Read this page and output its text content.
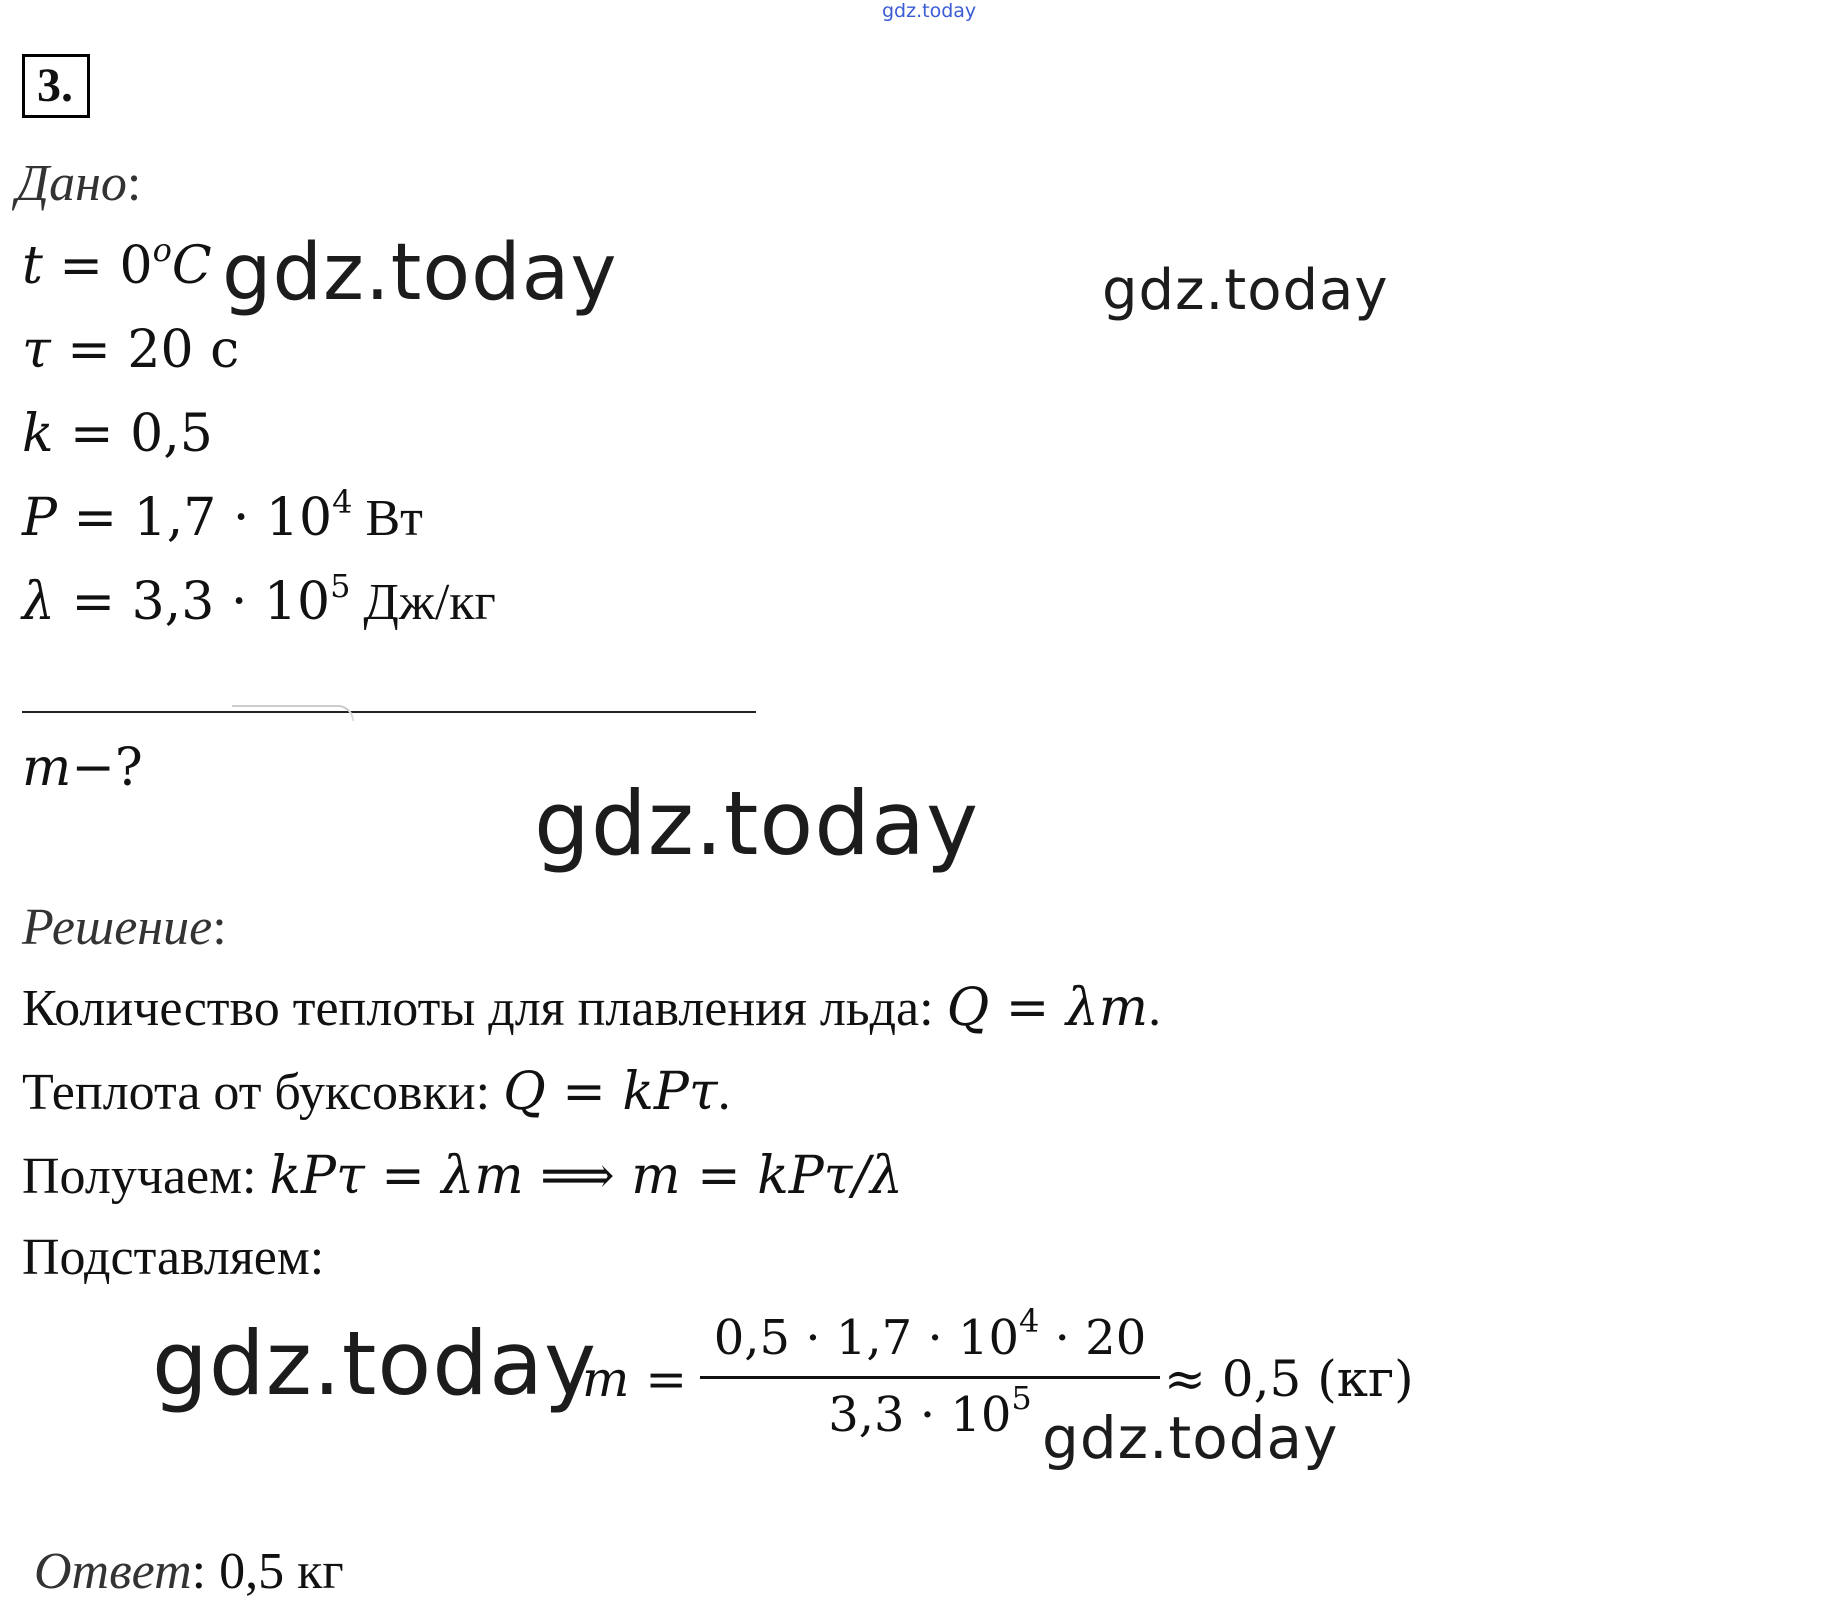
gdz.today
3.
Дано:
$t = 0^oC$ gdz.today	gdz.today
τ = 20 с
k = 0,5
$P = 1,7 \cdot 10^4$ Вт
$\lambda = 3,3 \cdot 10^5$ Дж/кг
m−?
gdz.today
Решение:
Количество теплоты для плавления льда: Q = λm.
Теплота от буксовки: Q = kPτ.
Получаем: kPτ = λm ⟹ m = kPτ/λ
Подставляем:
gdz.today
m =
$0,5 \cdot 1,7 \cdot 10^4 \cdot 20$
$3,3 \cdot 10^5$	≈ 0,5 (кг)
gdz.today
Ответ: 0,5 кг
